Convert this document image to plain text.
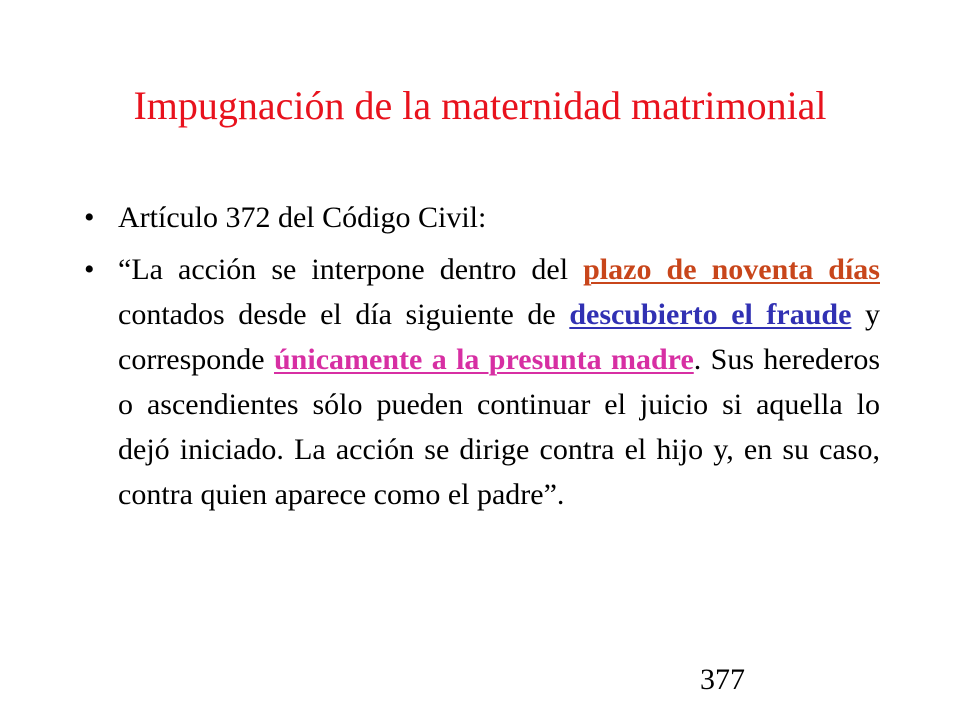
Impugnación de la maternidad matrimonial
• Artículo 372 del Código Civil:
• “La acción se interpone dentro del plazo de noventa días contados desde el día siguiente de descubierto el fraude y corresponde únicamente a la presunta madre. Sus herederos o ascendientes sólo pueden continuar el juicio si aquella lo dejó iniciado. La acción se dirige contra el hijo y, en su caso, contra quien aparece como el padre”.
377
